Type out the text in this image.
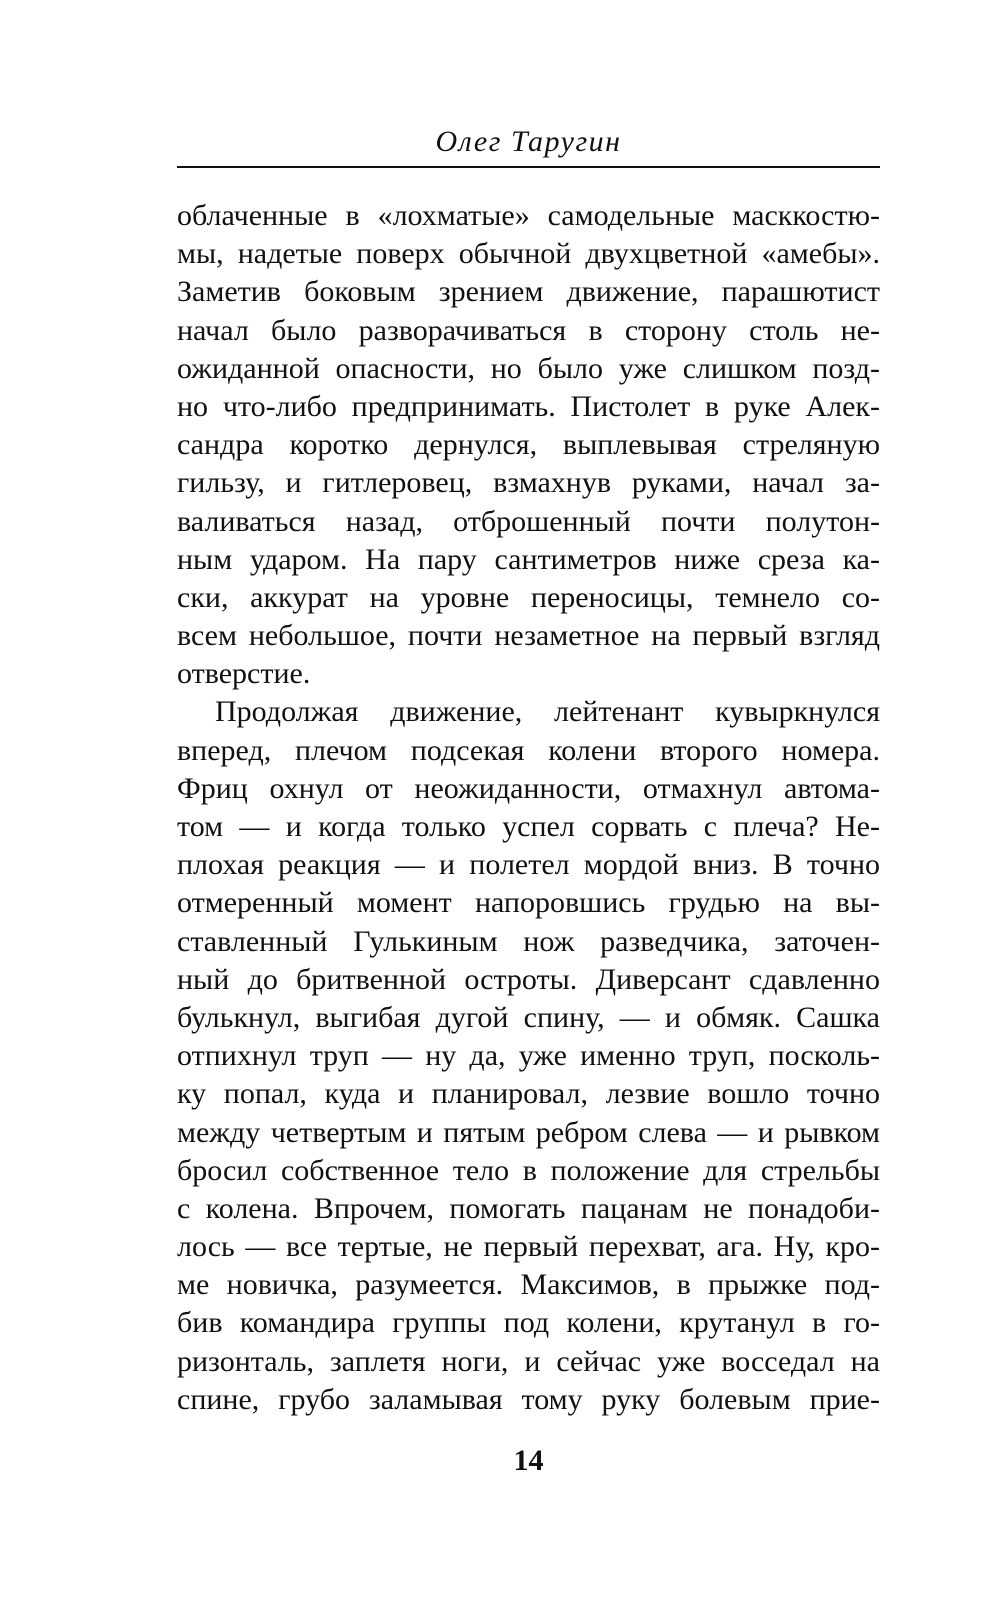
Олег Таругин
облаченные в «лохматые» самодельные масккостю-
мы, надетые поверх обычной двухцветной «амебы».
Заметив боковым зрением движение, парашютист
начал было разворачиваться в сторону столь не-
ожиданной опасности, но было уже слишком позд-
но что-либо предпринимать. Пистолет в руке Алек-
сандра коротко дернулся, выплевывая стреляную
гильзу, и гитлеровец, взмахнув руками, начал за-
валиваться назад, отброшенный почти полутон-
ным ударом. На пару сантиметров ниже среза ка-
ски, аккурат на уровне переносицы, темнело со-
всем небольшое, почти незаметное на первый взгляд
отверстие.
Продолжая движение, лейтенант кувыркнулся
вперед, плечом подсекая колени второго номера.
Фриц охнул от неожиданности, отмахнул автома-
том — и когда только успел сорвать с плеча? Не-
плохая реакция — и полетел мордой вниз. В точно
отмеренный момент напоровшись грудью на вы-
ставленный Гулькиным нож разведчика, заточен-
ный до бритвенной остроты. Диверсант сдавленно
булькнул, выгибая дугой спину, — и обмяк. Сашка
отпихнул труп — ну да, уже именно труп, посколь-
ку попал, куда и планировал, лезвие вошло точно
между четвертым и пятым ребром слева — и рывком
бросил собственное тело в положение для стрельбы
с колена. Впрочем, помогать пацанам не понадоби-
лось — все тертые, не первый перехват, ага. Ну, кро-
ме новичка, разумеется. Максимов, в прыжке под-
бив командира группы под колени, крутанул в го-
ризонталь, заплетя ноги, и сейчас уже восседал на
спине, грубо заламывая тому руку болевым прие-
14
